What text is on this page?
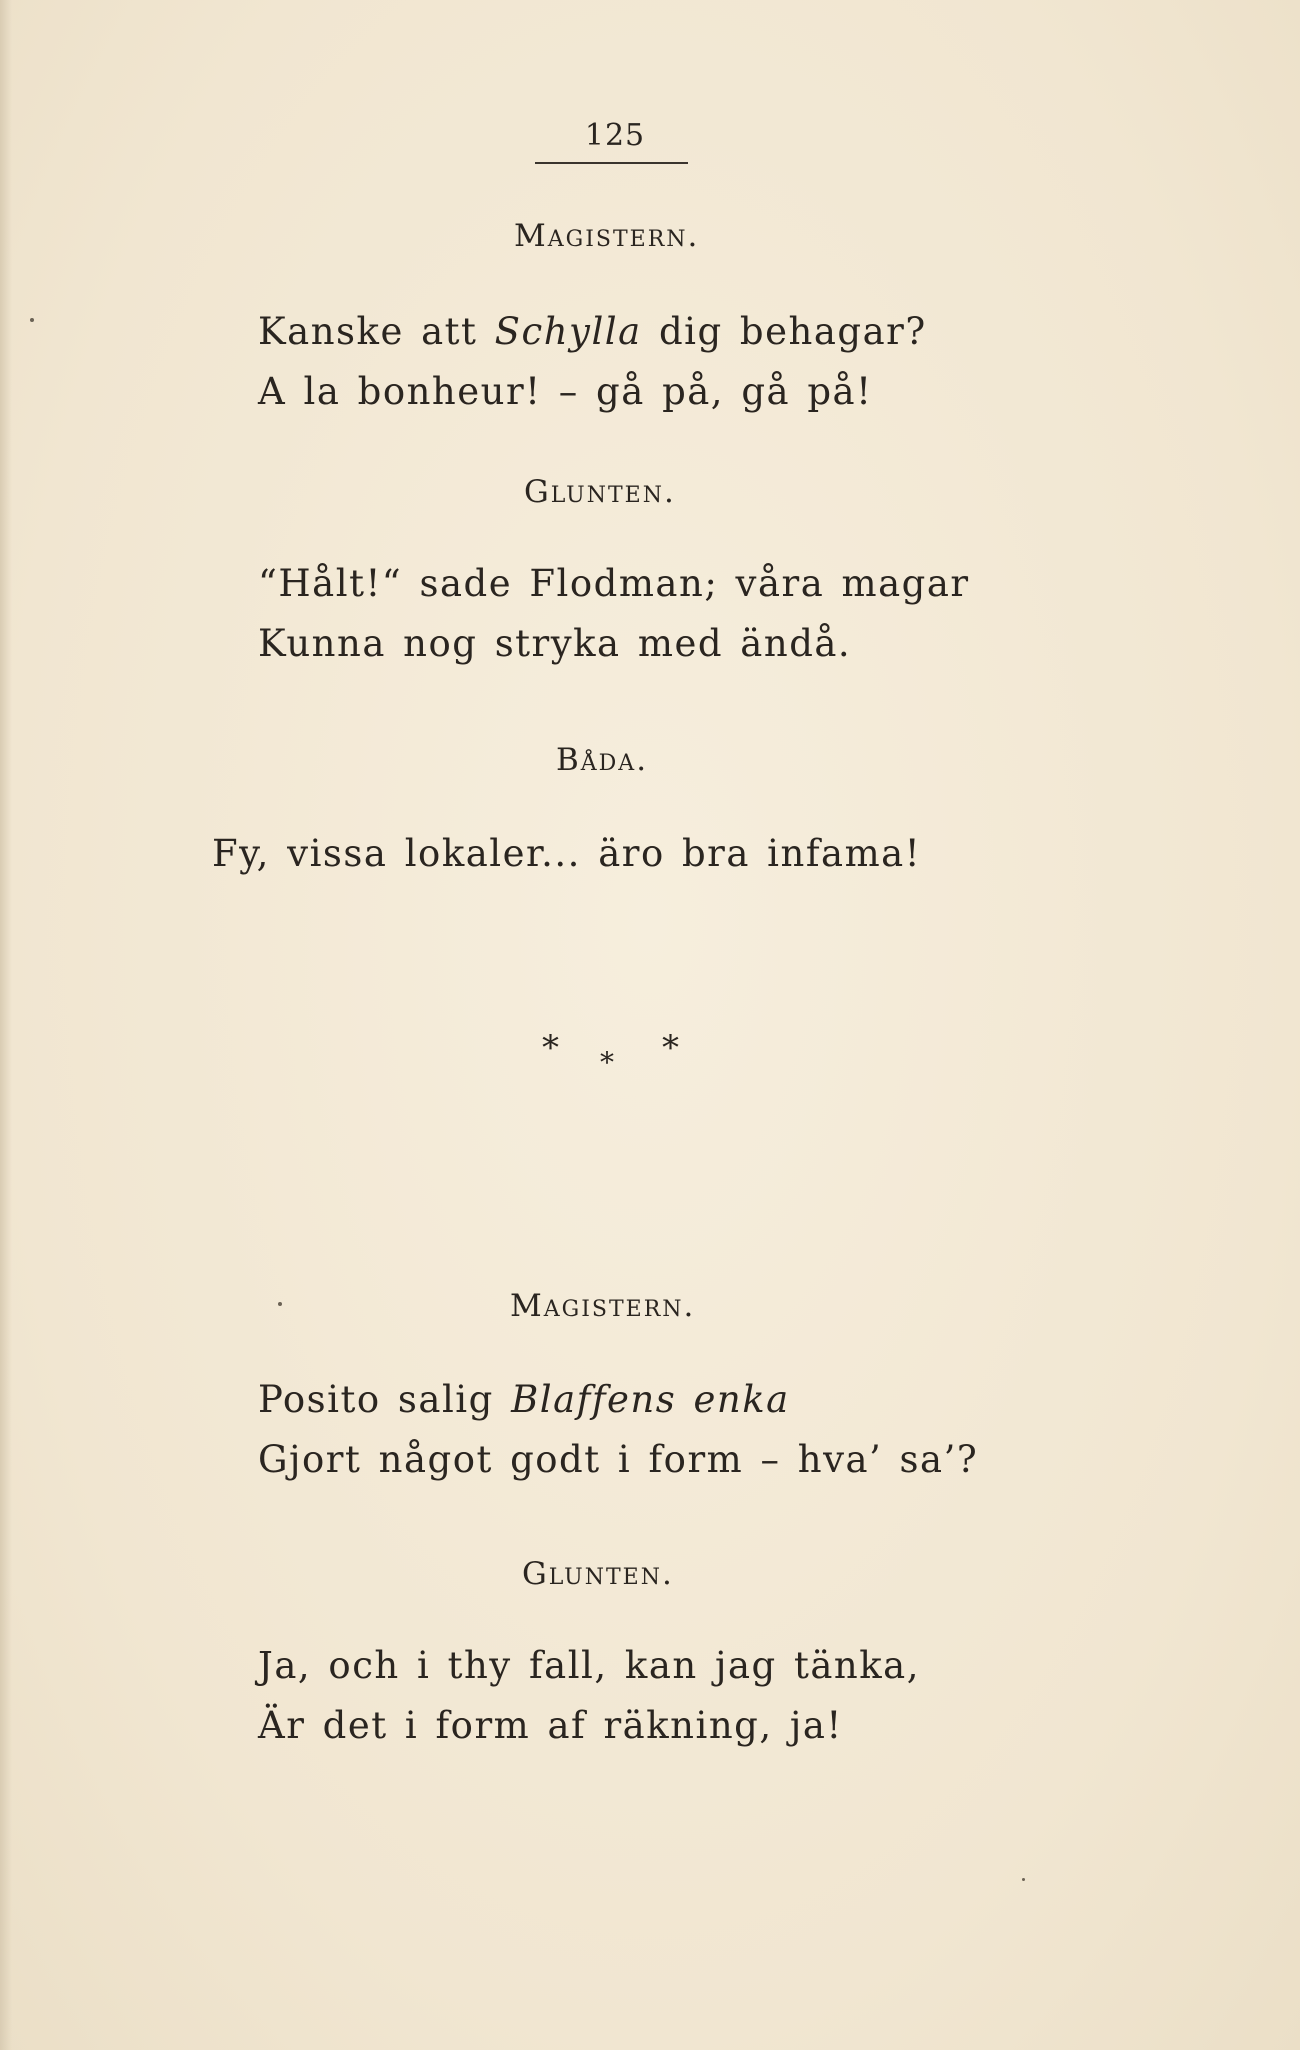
125
Magistern.
Kanske att Schylla dig behagar?
A la bonheur! – gå på, gå på!
Glunten.
“Hålt!“ sade Flodman; våra magar
Kunna nog stryka med ändå.
Båda.
Fy, vissa lokaler... äro bra infama!
* * *
Magistern.
Posito salig Blaffens enka
Gjort något godt i form – hva’ sa’?
Glunten.
Ja, och i thy fall, kan jag tänka,
Är det i form af räkning, ja!
